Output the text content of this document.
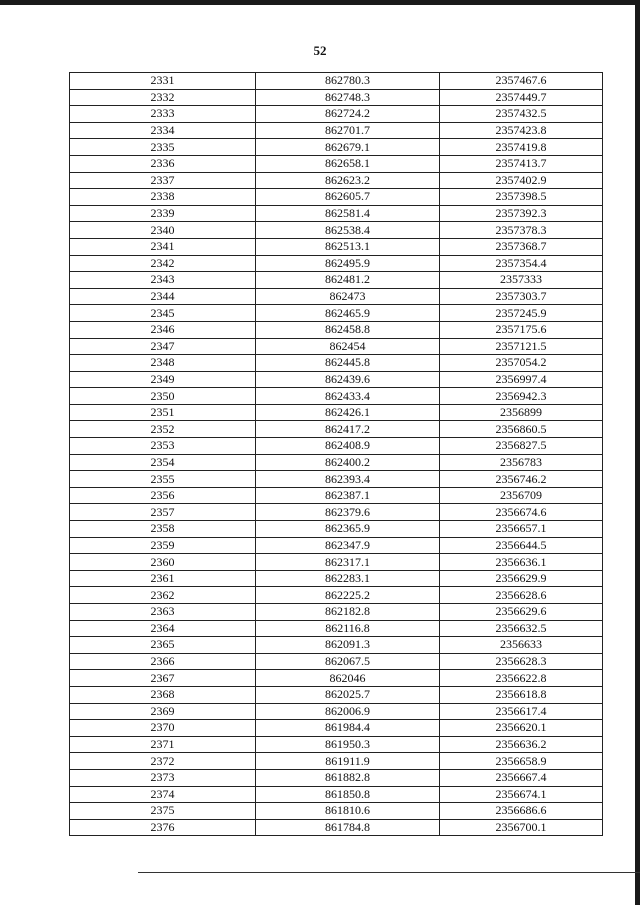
52
2331	862780.3	2357467.6
2332	862748.3	2357449.7
2333	862724.2	2357432.5
2334	862701.7	2357423.8
2335	862679.1	2357419.8
2336	862658.1	2357413.7
2337	862623.2	2357402.9
2338	862605.7	2357398.5
2339	862581.4	2357392.3
2340	862538.4	2357378.3
2341	862513.1	2357368.7
2342	862495.9	2357354.4
2343	862481.2	2357333
2344	862473	2357303.7
2345	862465.9	2357245.9
2346	862458.8	2357175.6
2347	862454	2357121.5
2348	862445.8	2357054.2
2349	862439.6	2356997.4
2350	862433.4	2356942.3
2351	862426.1	2356899
2352	862417.2	2356860.5
2353	862408.9	2356827.5
2354	862400.2	2356783
2355	862393.4	2356746.2
2356	862387.1	2356709
2357	862379.6	2356674.6
2358	862365.9	2356657.1
2359	862347.9	2356644.5
2360	862317.1	2356636.1
2361	862283.1	2356629.9
2362	862225.2	2356628.6
2363	862182.8	2356629.6
2364	862116.8	2356632.5
2365	862091.3	2356633
2366	862067.5	2356628.3
2367	862046	2356622.8
2368	862025.7	2356618.8
2369	862006.9	2356617.4
2370	861984.4	2356620.1
2371	861950.3	2356636.2
2372	861911.9	2356658.9
2373	861882.8	2356667.4
2374	861850.8	2356674.1
2375	861810.6	2356686.6
2376	861784.8	2356700.1
